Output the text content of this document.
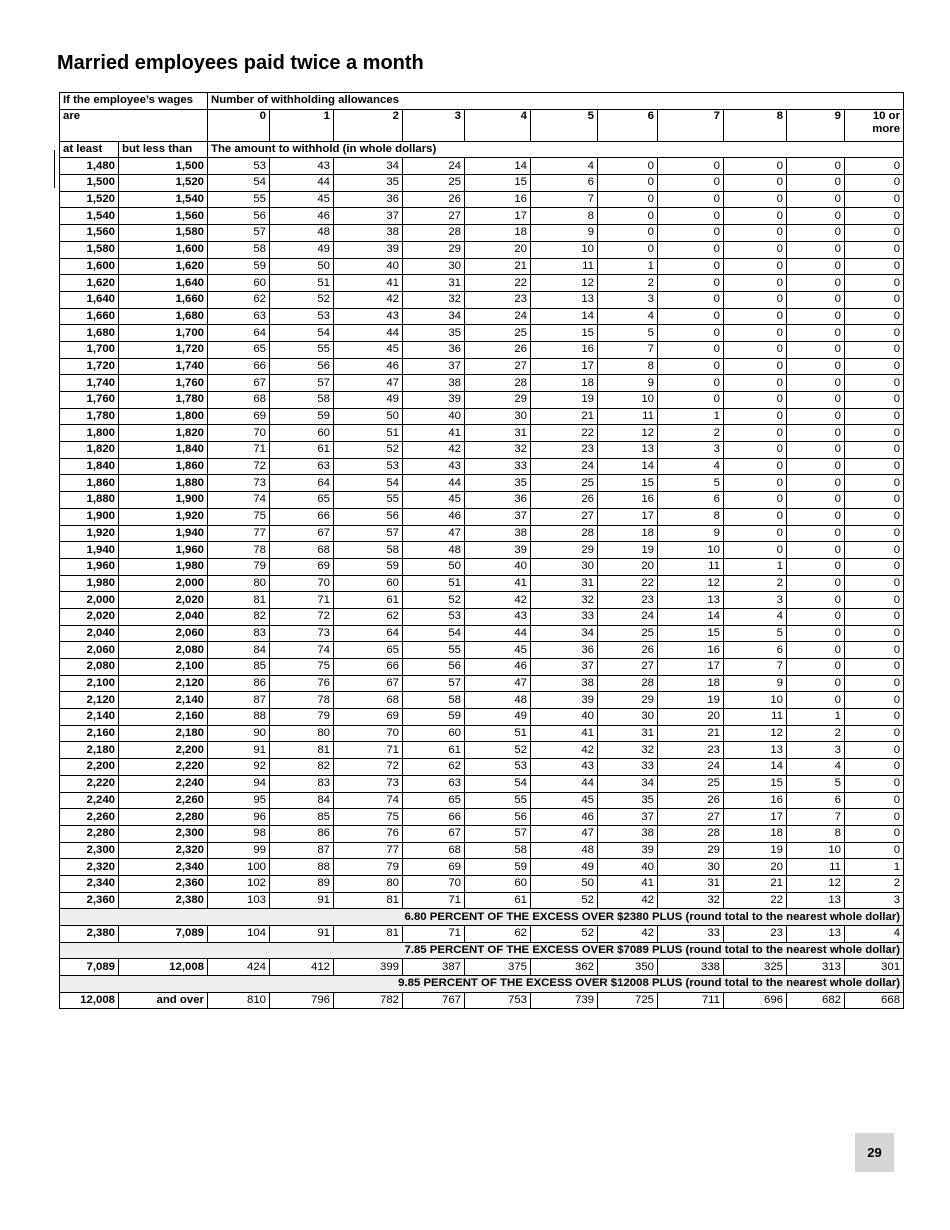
Married employees paid twice a month
If the employee’s wages		Number of withholding allowances										
are		0	1	2	3	4	5	6	7	8	9	10 or
more

at least	but less than	The amount to withhold (in whole dollars)										
1,480	1,500	53	43	34	24	14	4	0	0	0	0	0
1,500	1,520	54	44	35	25	15	6	0	0	0	0	0
1,520	1,540	55	45	36	26	16	7	0	0	0	0	0
1,540	1,560	56	46	37	27	17	8	0	0	0	0	0
1,560	1,580	57	48	38	28	18	9	0	0	0	0	0
1,580	1,600	58	49	39	29	20	10	0	0	0	0	0
1,600	1,620	59	50	40	30	21	11	1	0	0	0	0
1,620	1,640	60	51	41	31	22	12	2	0	0	0	0
1,640	1,660	62	52	42	32	23	13	3	0	0	0	0
1,660	1,680	63	53	43	34	24	14	4	0	0	0	0
1,680	1,700	64	54	44	35	25	15	5	0	0	0	0
1,700	1,720	65	55	45	36	26	16	7	0	0	0	0
1,720	1,740	66	56	46	37	27	17	8	0	0	0	0
1,740	1,760	67	57	47	38	28	18	9	0	0	0	0
1,760	1,780	68	58	49	39	29	19	10	0	0	0	0
1,780	1,800	69	59	50	40	30	21	11	1	0	0	0
1,800	1,820	70	60	51	41	31	22	12	2	0	0	0
1,820	1,840	71	61	52	42	32	23	13	3	0	0	0
1,840	1,860	72	63	53	43	33	24	14	4	0	0	0
1,860	1,880	73	64	54	44	35	25	15	5	0	0	0
1,880	1,900	74	65	55	45	36	26	16	6	0	0	0
1,900	1,920	75	66	56	46	37	27	17	8	0	0	0
1,920	1,940	77	67	57	47	38	28	18	9	0	0	0
1,940	1,960	78	68	58	48	39	29	19	10	0	0	0
1,960	1,980	79	69	59	50	40	30	20	11	1	0	0
1,980	2,000	80	70	60	51	41	31	22	12	2	0	0
2,000	2,020	81	71	61	52	42	32	23	13	3	0	0
2,020	2,040	82	72	62	53	43	33	24	14	4	0	0
2,040	2,060	83	73	64	54	44	34	25	15	5	0	0
2,060	2,080	84	74	65	55	45	36	26	16	6	0	0
2,080	2,100	85	75	66	56	46	37	27	17	7	0	0
2,100	2,120	86	76	67	57	47	38	28	18	9	0	0
2,120	2,140	87	78	68	58	48	39	29	19	10	0	0
2,140	2,160	88	79	69	59	49	40	30	20	11	1	0
2,160	2,180	90	80	70	60	51	41	31	21	12	2	0
2,180	2,200	91	81	71	61	52	42	32	23	13	3	0
2,200	2,220	92	82	72	62	53	43	33	24	14	4	0
2,220	2,240	94	83	73	63	54	44	34	25	15	5	0
2,240	2,260	95	84	74	65	55	45	35	26	16	6	0
2,260	2,280	96	85	75	66	56	46	37	27	17	7	0
2,280	2,300	98	86	76	67	57	47	38	28	18	8	0
2,300	2,320	99	87	77	68	58	48	39	29	19	10	0
2,320	2,340	100	88	79	69	59	49	40	30	20	11	1
2,340	2,360	102	89	80	70	60	50	41	31	21	12	2
2,360	2,380	103	91	81	71	61	52	42	32	22	13	3
6.80 PERCENT OF THE EXCESS OVER $2380 PLUS (round total to the nearest whole dollar)												
2,380	7,089	104	91	81	71	62	52	42	33	23	13	4
7.85 PERCENT OF THE EXCESS OVER $7089 PLUS (round total to the nearest whole dollar)												
7,089	12,008	424	412	399	387	375	362	350	338	325	313	301
9.85 PERCENT OF THE EXCESS OVER $12008 PLUS (round total to the nearest whole dollar)												
12,008	and over	810	796	782	767	753	739	725	711	696	682	668
29
